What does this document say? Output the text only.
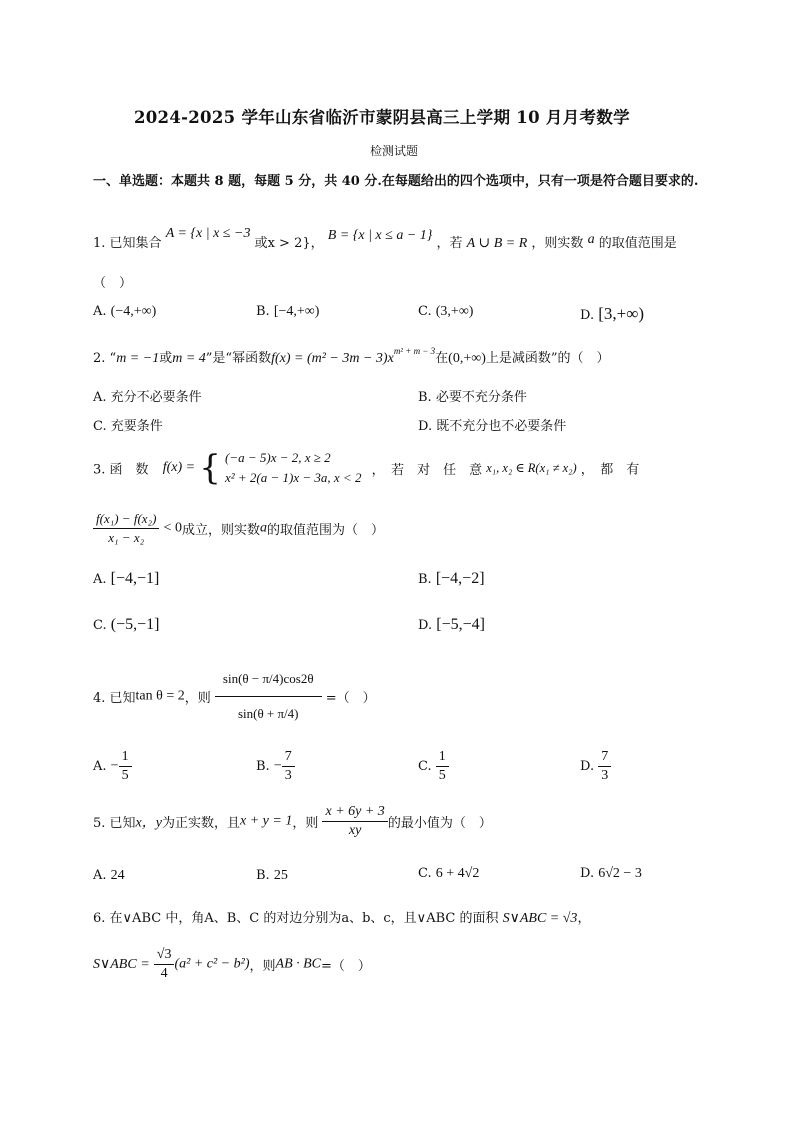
2024-2025 学年山东省临沂市蒙阴县高三上学期 10 月月考数学
检测试题
一、单选题：本题共 8 题，每题 5 分，共 40 分.在每题给出的四个选项中，只有一项是符合题目要求的.
1. 已知集合 A = {x | x ≤ −3 或x > 2}， B = {x | x ≤ a − 1} ，若 A ∪ B = R ，则实数 a 的取值范围是
（　）
A. (−4,+∞)	B. [−4,+∞)	C. (3,+∞)	D. [3,+∞)
2. “m = −1或m = 4”是“幂函数$f(x) = (m^2 - 3m - 3)x^{m^2 + m - 3}$在(0,+∞)上是减函数”的（　）
A. 充分不必要条件	B. 必要不充分条件
C. 充要条件	D. 既不充分也不必要条件
3. 函　数 f(x) = { (−a − 5)x − 2, x ≥ 2
x² + 2(a − 1)x − 3a, x < 2 ，　若　对　任　意 x₁, x₂ ∈ R(x₁ ≠ x₂) ，　都　有
$\frac{\text{f(x₁) − f(x₂)}}{\text{x₁ − x₂}} < 0$成立，则实数a的取值范围为（　）
A. [−4,−1]	B. [−4,−2]
C. (−5,−1]	D. [−5,−4]
4. 已知tan θ = 2，则 $\frac{\sin(\theta - \pi/4)\cos 2\theta}{\sin(\theta + \pi/4)}$ =（　）
A. − $\frac{1}{5}$	B. − $\frac{7}{3}$	C. $\frac{1}{5}$	D. $\frac{7}{3}$
5. 已知x，y为正实数，且x + y = 1，则 $\frac{x + 6y + 3}{xy}$ 的最小值为（　）
A. 24	B. 25	C. 6 + 4√2	D. 6√2 − 3
6. 在∨ABC 中，角A、B、C 的对边分别为a、b、c，且∨ABC 的面积 S∨ABC = √3，
S∨ABC = $\frac{√3}{4} (a^2 + c^2 - b^2)$，则AB · BC=（　）
